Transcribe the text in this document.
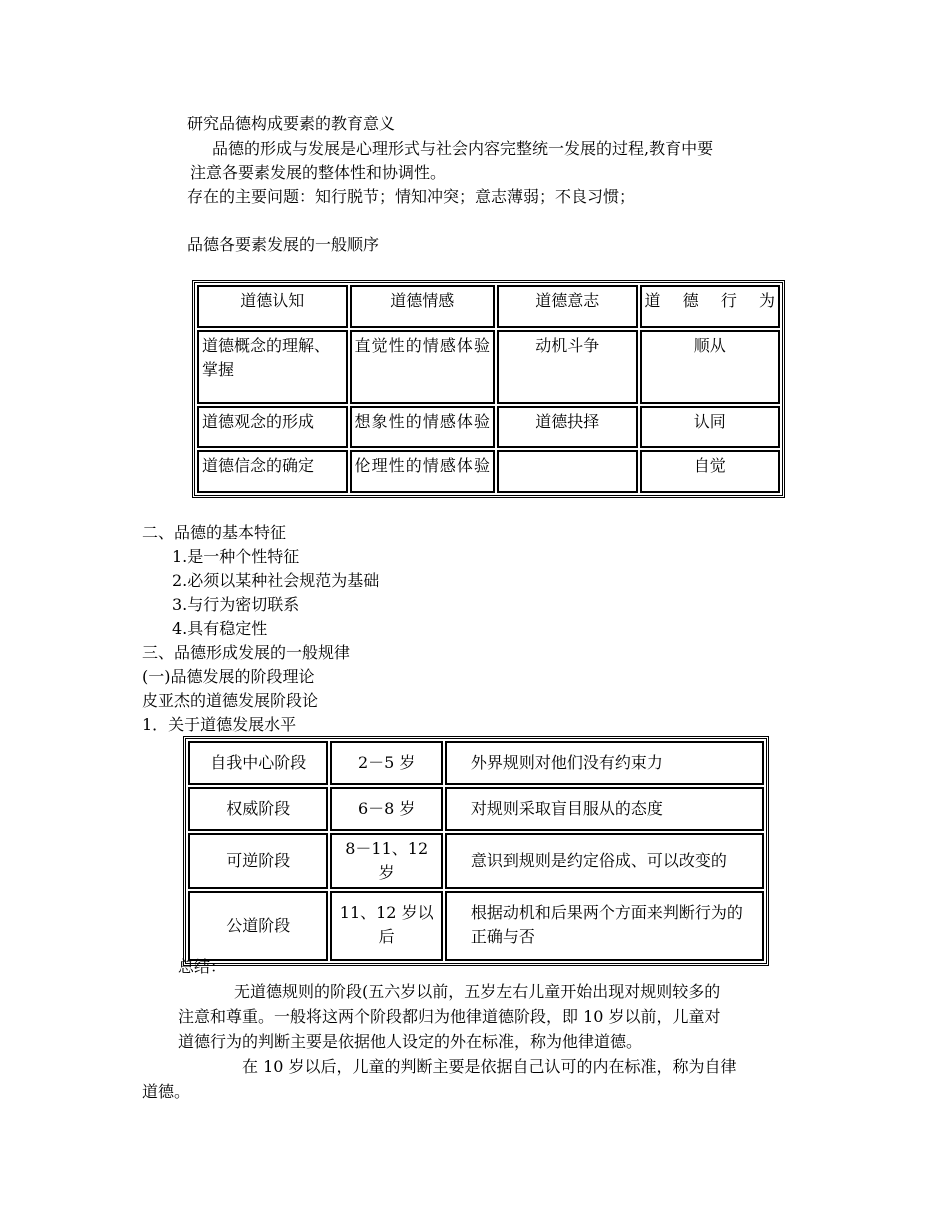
研究品德构成要素的教育意义
品德的形成与发展是心理形式与社会内容完整统一发展的过程,教育中要
注意各要素发展的整体性和协调性。
存在的主要问题：知行脱节；情知冲突；意志薄弱；不良习惯；
品德各要素发展的一般顺序
道德认知	道德情感	道德意志	道 德 行 为
道德概念的理解、掌握	直觉性的情感体验	动机斗争	顺从
道德观念的形成	想象性的情感体验	道德抉择	认同
道德信念的确定	伦理性的情感体验		自觉
二、品德的基本特征
1.是一种个性特征
2.必须以某种社会规范为基础
3.与行为密切联系
4.具有稳定性
三、品德形成发展的一般规律
(一)品德发展的阶段理论
皮亚杰的道德发展阶段论
1．关于道德发展水平
自我中心阶段	2－5 岁	外界规则对他们没有约束力
权威阶段	6－8 岁	对规则采取盲目服从的态度
可逆阶段	8－11、12岁	意识到规则是约定俗成、可以改变的
公道阶段	11、12 岁以后	根据动机和后果两个方面来判断行为的正确与否
总结：
无道德规则的阶段(五六岁以前，五岁左右儿童开始出现对规则较多的
注意和尊重。一般将这两个阶段都归为他律道德阶段，即 10 岁以前，儿童对
道德行为的判断主要是依据他人设定的外在标准，称为他律道德。
在 10 岁以后，儿童的判断主要是依据自己认可的内在标准，称为自律
道德。
